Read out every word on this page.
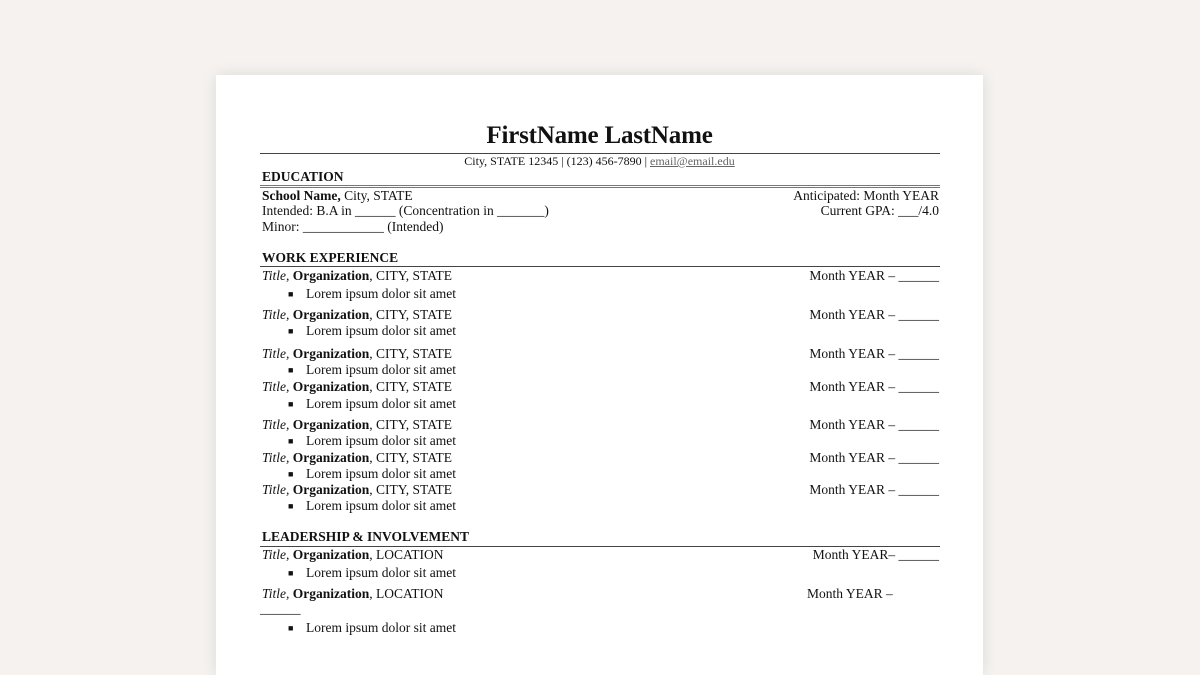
FirstName LastName
City, STATE 12345 | (123) 456-7890 | email@email.edu
EDUCATION
School Name, City, STATE	Anticipated: Month YEAR
Intended: B.A in ______ (Concentration in _______)	Current GPA: ___/4.0
Minor: ____________ (Intended)
WORK EXPERIENCE
Title, Organization, CITY, STATE	Month YEAR – ______
■ Lorem ipsum dolor sit amet
Title, Organization, CITY, STATE	Month YEAR – ______
■ Lorem ipsum dolor sit amet
Title, Organization, CITY, STATE	Month YEAR – ______
■ Lorem ipsum dolor sit amet
Title, Organization, CITY, STATE	Month YEAR – ______
■ Lorem ipsum dolor sit amet
Title, Organization, CITY, STATE	Month YEAR – ______
■ Lorem ipsum dolor sit amet
Title, Organization, CITY, STATE	Month YEAR – ______
■ Lorem ipsum dolor sit amet
Title, Organization, CITY, STATE	Month YEAR – ______
■ Lorem ipsum dolor sit amet
LEADERSHIP & INVOLVEMENT
Title, Organization, LOCATION	Month YEAR– ______
■ Lorem ipsum dolor sit amet
Title, Organization, LOCATION	Month YEAR –
______
■ Lorem ipsum dolor sit amet
